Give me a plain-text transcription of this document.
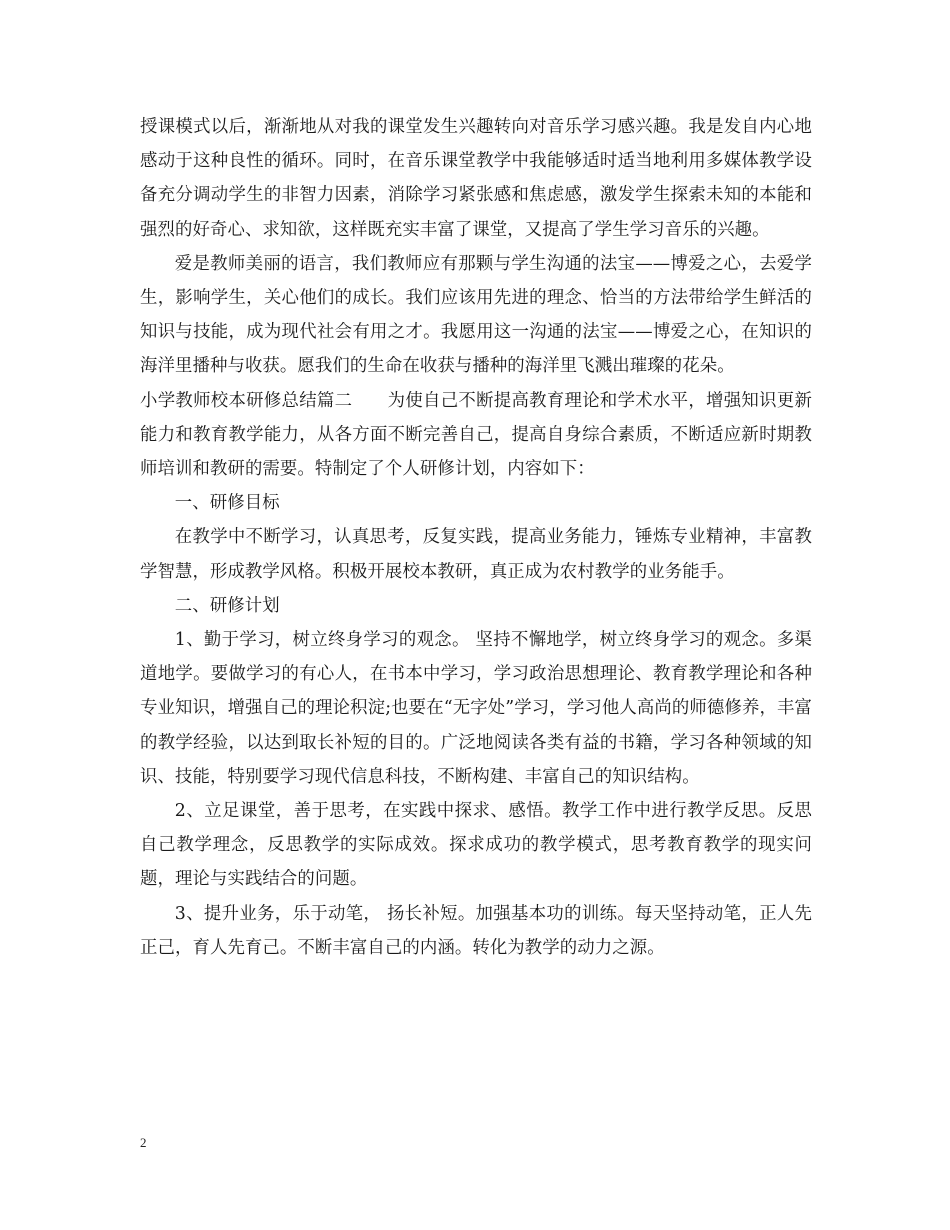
授课模式以后，渐渐地从对我的课堂发生兴趣转向对音乐学习感兴趣。我是发自内心地感动于这种良性的循环。同时，在音乐课堂教学中我能够适时适当地利用多媒体教学设备充分调动学生的非智力因素，消除学习紧张感和焦虑感，激发学生探索未知的本能和强烈的好奇心、求知欲，这样既充实丰富了课堂，又提高了学生学习音乐的兴趣。

爱是教师美丽的语言，我们教师应有那颗与学生沟通的法宝——博爱之心，去爱学生，影响学生，关心他们的成长。我们应该用先进的理念、恰当的方法带给学生鲜活的知识与技能，成为现代社会有用之才。我愿用这一沟通的法宝——博爱之心，在知识的海洋里播种与收获。愿我们的生命在收获与播种的海洋里飞溅出璀璨的花朵。

小学教师校本研修总结篇二　　为使自己不断提高教育理论和学术水平，增强知识更新能力和教育教学能力，从各方面不断完善自己，提高自身综合素质，不断适应新时期教师培训和教研的需要。特制定了个人研修计划，内容如下：

一、研修目标

在教学中不断学习，认真思考，反复实践，提高业务能力，锤炼专业精神，丰富教学智慧，形成教学风格。积极开展校本教研，真正成为农村教学的业务能手。

二、研修计划

1、勤于学习，树立终身学习的观念。 坚持不懈地学，树立终身学习的观念。多渠道地学。要做学习的有心人，在书本中学习，学习政治思想理论、教育教学理论和各种专业知识，增强自己的理论积淀;也要在“无字处”学习，学习他人高尚的师德修养，丰富的教学经验，以达到取长补短的目的。广泛地阅读各类有益的书籍，学习各种领域的知识、技能，特别要学习现代信息科技，不断构建、丰富自己的知识结构。

2、立足课堂，善于思考，在实践中探求、感悟。教学工作中进行教学反思。反思自己教学理念，反思教学的实际成效。探求成功的教学模式，思考教育教学的现实问题，理论与实践结合的问题。

3、提升业务，乐于动笔， 扬长补短。加强基本功的训练。每天坚持动笔，正人先正己，育人先育己。不断丰富自己的内涵。转化为教学的动力之源。

2
